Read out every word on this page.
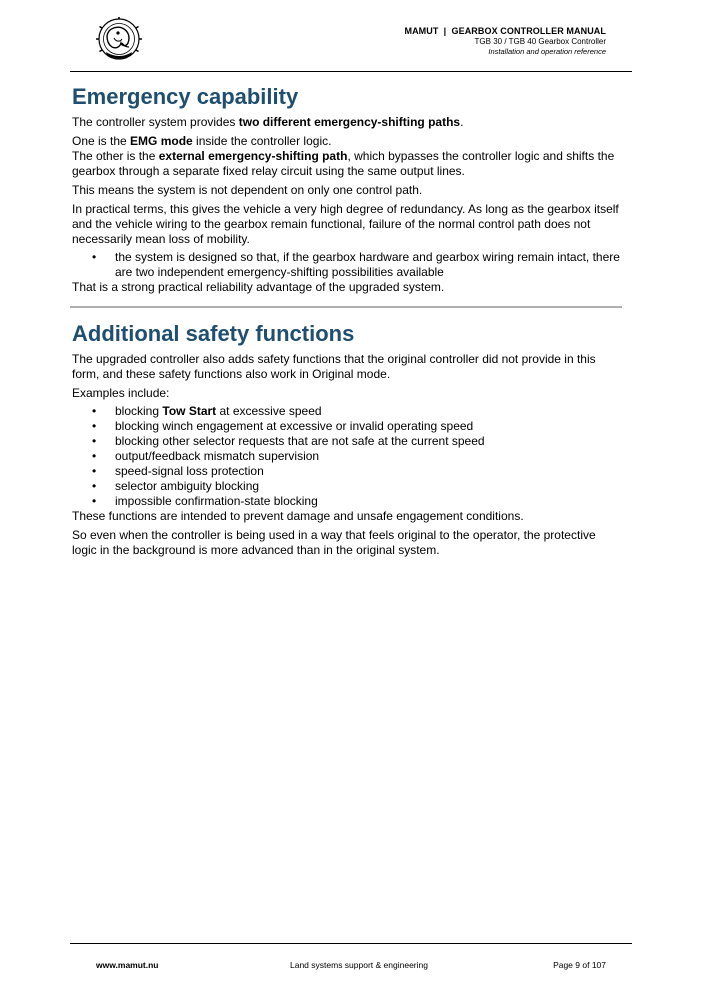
MAMUT  |  GEARBOX CONTROLLER MANUAL
TGB 30 / TGB 40 Gearbox Controller
Installation and operation reference
Emergency capability

The controller system provides two different emergency-shifting paths.

One is the EMG mode inside the controller logic.

The other is the external emergency-shifting path, which bypasses the controller logic and shifts the gearbox through a separate fixed relay circuit using the same output lines.

This means the system is not dependent on only one control path.

In practical terms, this gives the vehicle a very high degree of redundancy. As long as the gearbox itself and the vehicle wiring to the gearbox remain functional, failure of the normal control path does not necessarily mean loss of mobility.

• the system is designed so that, if the gearbox hardware and gearbox wiring remain intact, there are two independent emergency-shifting possibilities available

That is a strong practical reliability advantage of the upgraded system.

Additional safety functions

The upgraded controller also adds safety functions that the original controller did not provide in this form, and these safety functions also work in Original mode.

Examples include:

• blocking Tow Start at excessive speed
• blocking winch engagement at excessive or invalid operating speed
• blocking other selector requests that are not safe at the current speed
• output/feedback mismatch supervision
• speed-signal loss protection
• selector ambiguity blocking
• impossible confirmation-state blocking

These functions are intended to prevent damage and unsafe engagement conditions.

So even when the controller is being used in a way that feels original to the operator, the protective logic in the background is more advanced than in the original system.

www.mamut.nu	Land systems support & engineering	Page 9 of 107
